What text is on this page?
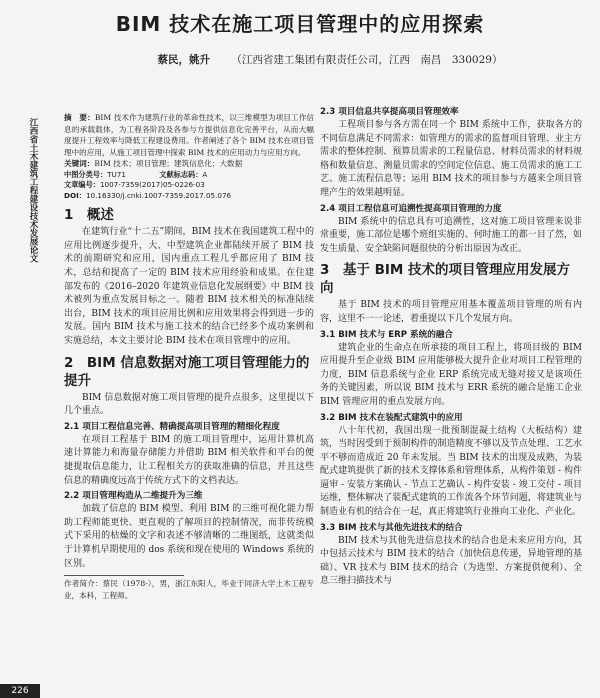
BIM 技术在施工项目管理中的应用探索
蔡民，姚升 （江西省建工集团有限责任公司，江西　南昌　330029）
江西省土木建筑工程建设技术发展论文

摘　要：BIM 技术作为建筑行业的革命性技术，以三维模型为项目工作信息的承载载体，为工程各阶段及各参与方提供信息化完善平台，从而大幅度提升工程效率与降低工程建设费用。作者阐述了各个 BIM 技术在项目管理中的应用，从施工项目管理中探索 BIM 技术的应用动力与应用方向。

关键词：BIM 技术；项目管理；建筑信息化；大数据

中图分类号：TU71     	文献标志码：A

文章编号：1007-7359(2017)05-0226-03

DOI：10.16330/j.cnki.1007-7359.2017.05.076

1　概述

在建筑行业“十二五”期间，BIM 技术在我国建筑工程中的应用比例逐步提升，大、中型建筑企业都陆续开展了 BIM 技术的前期研究和应用，国内重点工程几乎都应用了 BIM 技术，总结和提高了一定的 BIM 技术应用经验和成果。在住建部发布的《2016–2020 年建筑业信息化发展纲要》中 BIM 技术被列为重点发展目标之一。随着 BIM 技术相关的标准陆续出台，BIM 技术的项目应用比例和应用效果将会得到进一步的发展。国内 BIM 技术与施工技术的结合已经多个成功案例和实施总结，本文主要讨论 BIM 技术在项目管理中的应用。

2　BIM 信息数据对施工项目管理能力的提升

BIM 信息数据对施工项目管理的提升点很多，这里提以下几个重点。

2.1 项目工程信息完善、精确提高项目管理的精细化程度

在项目工程基于 BIM 的施工项目管理中，运用计算机高速计算能力和海量存储能力并借助 BIM 相关软件和平台的便捷提取信息能力，让工程相关方的获取准确的信息，并且这些信息的精确度远高于传统方式下的文档表达。

2.2 项目管理构造从二维提升为三维

加载了信息的 BIM 模型、利用 BIM 的三维可视化能力帮助工程师能更快、更直观的了解项目的控制情况，而非传统模式下采用的枯燥的文字和表述不够清晰的二维图纸，这就类似于计算机早期使用的 dos 系统和现在使用的 Windows 系统的区别。

作者简介：蔡民（1978-），男，浙江东阳人，毕业于同济大学土木工程专业，本科，工程师。

2.3 项目信息共享提高项目管理效率

工程项目参与各方需在同一个 BIM 系统中工作，获取各方的不同信息满足不同需求：如管理方的需求的监督项目管理、业主方需求的整体控制、预算员需求的工程量信息、材料员需求的材料规格和数量信息、测量员需求的空间定位信息、施工员需求的施工工艺、施工流程信息等；运用 BIM 技术的项目参与方越来全项目管理产生的效果越明显。

2.4 项目工程信息可追溯性提高项目管理的力度

BIM 系统中的信息具有可追溯性，这对施工项目管理来说非常重要，施工部位是哪个班组实施的、何时施工的都一目了然，如发生质量、安全缺陷问题很快的分析出原因为改正。

3　基于 BIM 技术的项目管理应用发展方向

基于 BIM 技术的项目管理应用基本覆盖项目管理的所有内容，这里不一一论述，着重提以下几个发展方向。

3.1 BIM 技术与 ERP 系统的融合

建筑企业的生命点在所承接的项目工程上，将项目级的 BIM 应用提升至企业级 BIM 应用能够极大提升企业对项目工程管理的力度，BIM 信息系统与企业 ERP 系统完成无缝对接又是该项任务的关键因素，所以说 BIM 技术与 ERR 系统的融合是施工企业 BIM 管理应用的重点发展方向。

3.2 BIM 技术在装配式建筑中的应用

八十年代初，我国出现一批预制混凝土结构（大板结构）建筑，当时因受到于预制构件的制造精度不够以及节点处理、工艺水平不够而造成近 20 年未发展。当 BIM 技术的出现及成熟，为装配式建筑提供了新的技术支撑体系和管理体系，从构件策划 - 构件逼审 - 安装方案确认 - 节点工艺确认 - 构件安装 - 竣工交付 - 项目运维，整体解决了装配式建筑的工作流各个环节问题，将建筑业与制造业有机的结合在一起，真正将建筑行业推向工业化、产业化。

3.3 BIM 技术与其他先进技术的结合

BIM 技术与其他先进信息技术的结合也是未来应用方向，其中包括云技术与 BIM 技术的结合（加快信息传递，异地管理的基础）、VR 技术与 BIM 技术的结合（为选型、方案提供便利）、全息三维扫描技术与

226
